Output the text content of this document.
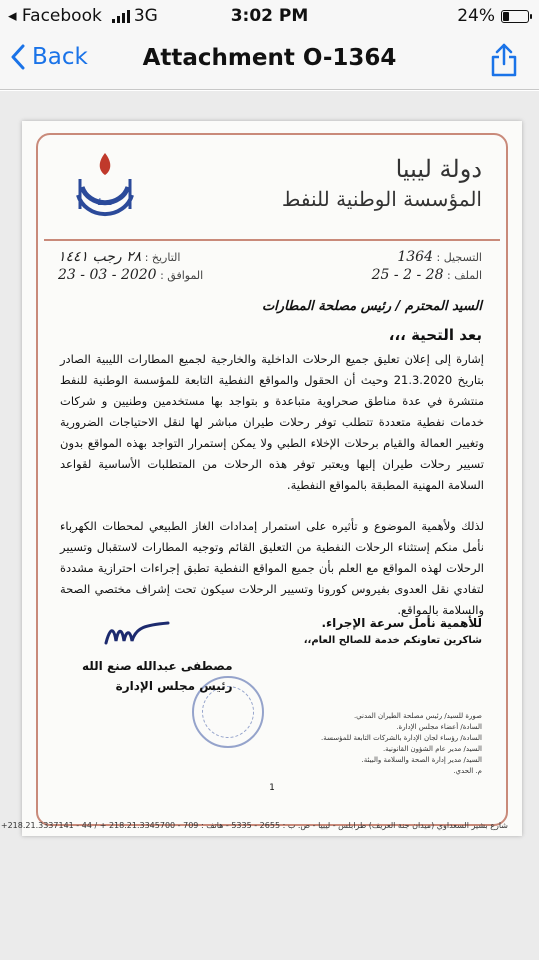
◂ Facebook 3G	3:02 PM	24%
Back	Attachment O-1364
نفط
دولة ليبيا
المؤسسة الوطنية للنفط
التاريخ : ٢٨ رجب ١٤٤١
الموافق : 2020 - 03 - 23
التسجيل : 1364
الملف : 28 - 2 - 25
السيد المحترم / رئيس مصلحة المطارات
بعد التحية ،،،
إشارة إلى إعلان تعليق جميع الرحلات الداخلية والخارجية لجميع المطارات الليبية الصادر بتاريخ 21.3.2020 وحيث أن الحقول والمواقع النفطية التابعة للمؤسسة الوطنية للنفط منتشرة في عدة مناطق صحراوية متباعدة و بتواجد بها مستخدمين وطنيين و شركات خدمات نفطية متعددة تتطلب توفر رحلات طيران مباشر لها لنقل الاحتياجات الضرورية وتغيير العمالة والقيام برحلات الإخلاء الطبي ولا يمكن إستمرار التواجد بهذه المواقع بدون تسيير رحلات طيران إليها ويعتبر توفر هذه الرحلات من المتطلبات الأساسية لقواعد السلامة المهنية المطبقة بالمواقع النفطية.
لذلك ولأهمية الموضوع و تأثيره على استمرار إمدادات الغاز الطبيعي لمحطات الكهرباء نأمل منكم إستثناء الرحلات النفطية من التعليق القائم وتوجيه المطارات لاستقبال وتسيير الرحلات لهذه المواقع مع العلم بأن جميع المواقع النفطية تطبق إجراءات احترازية مشددة لتفادي نقل العدوى بفيروس كورونا وتسيير الرحلات سيكون تحت إشراف مختصي الصحة والسلامة بالمواقع.
للأهمية نأمل سرعة الإجراء.
شاكرين تعاونكم خدمة للصالح العام،،
مصطفى عبدالله صنع الله
رئيس مجلس الإدارة
صورة للسيد/ رئيس مصلحة الطيران المدني.
السادة/ أعضاء مجلس الإدارة.
السادة/ رؤساء لجان الإدارة بالشركات التابعة للمؤسسة.
السيد/ مدير عام الشؤون القانونية.
السيد/ مدير إدارة الصحة والسلامة والبيئة.
م. الحدي.
1
شارع بشير السعداوي (ميدان جنة العريف) طرابلس - ليبيا - ص. ب : 2655 - 5335 - هاتف : 709 - 218.21.3345700 + / 44 - 218.21.3337141+
